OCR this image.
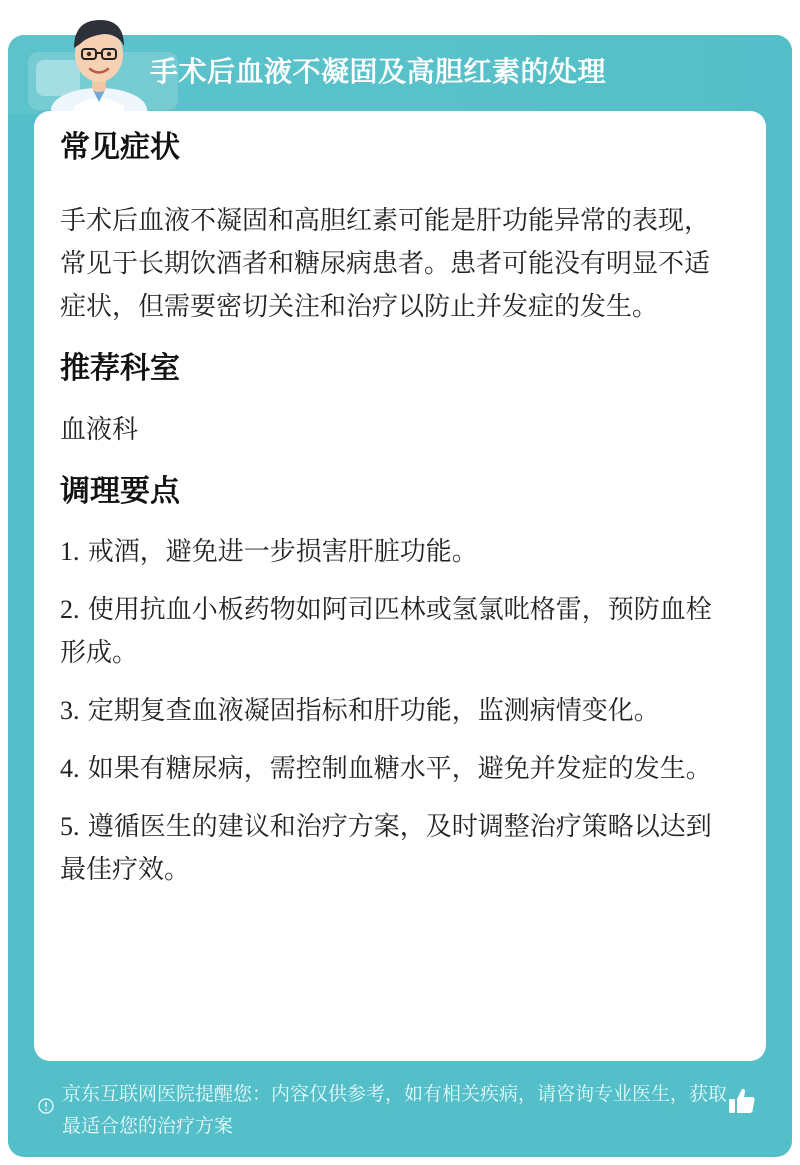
手术后血液不凝固及高胆红素的处理
常见症状

手术后血液不凝固和高胆红素可能是肝功能异常的表现，常见于长期饮酒者和糖尿病患者。患者可能没有明显不适症状，但需要密切关注和治疗以防止并发症的发生。

推荐科室

血液科

调理要点

1. 戒酒，避免进一步损害肝脏功能。

2. 使用抗血小板药物如阿司匹林或氢氯吡格雷，预防血栓形成。

3. 定期复查血液凝固指标和肝功能，监测病情变化。

4. 如果有糖尿病，需控制血糖水平，避免并发症的发生。

5. 遵循医生的建议和治疗方案，及时调整治疗策略以达到最佳疗效。

京东互联网医院提醒您：内容仅供参考，如有相关疾病，请咨询专业医生，获取最适合您的治疗方案
